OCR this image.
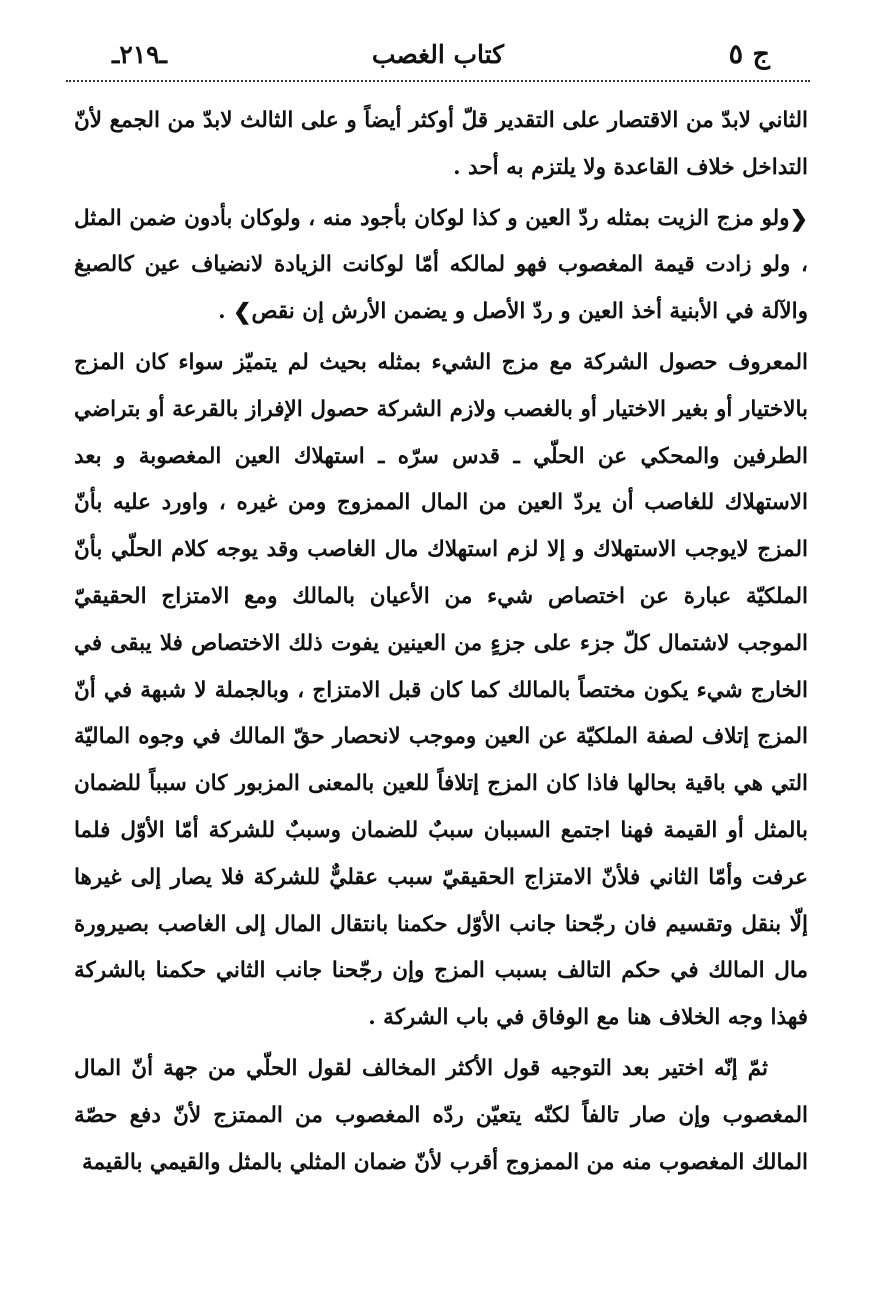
ج ٥
كتاب الغصب
ـ٢١٩ـ

الثاني لابدّ من الاقتصار على التقدير قلّ أوكثر أيضاً و على الثالث لابدّ من الجمع لأنّ التداخل خلاف القاعدة ولا يلتزم به أحد .

❮ولو مزج الزيت بمثله ردّ العين و كذا لوكان بأجود منه ، ولوكان بأدون ضمن المثل ، ولو زادت قيمة المغصوب فهو لمالكه أمّا لوكانت الزيادة لانضياف عين كالصبغ والآلة في الأبنية أخذ العين و ردّ الأصل و يضمن الأرش إن نقص❯ .

المعروف حصول الشركة مع مزج الشيء بمثله بحيث لم يتميّز سواء كان المزج بالاختيار أو بغير الاختيار أو بالغصب ولازم الشركة حصول الإفراز بالقرعة أو بتراضي الطرفين والمحكي عن الحلّي ـ قدس سرّه ـ استهلاك العين المغصوبة و بعد الاستهلاك للغاصب أن يردّ العين من المال الممزوج ومن غيره ، واورد عليه بأنّ المزج لايوجب الاستهلاك و إلا لزم استهلاك مال الغاصب وقد يوجه كلام الحلّي بأنّ الملكيّة عبارة عن اختصاص شيء من الأعيان بالمالك ومع الامتزاج الحقيقيّ الموجب لاشتمال كلّ جزء على جزءٍ من العينين يفوت ذلك الاختصاص فلا يبقى في الخارج شيء يكون مختصاً بالمالك كما كان قبل الامتزاج ، وبالجملة لا شبهة في أنّ المزج إتلاف لصفة الملكيّة عن العين وموجب لانحصار حقّ المالك في وجوه الماليّة التي هي باقية بحالها فاذا كان المزج إتلافاً للعين بالمعنى المزبور كان سبباً للضمان بالمثل أو القيمة فهنا اجتمع السببان سببٌ للضمان وسببٌ للشركة أمّا الأوّل فلما عرفت وأمّا الثاني فلأنّ الامتزاج الحقيقيّ سبب عقليٌّ للشركة فلا يصار إلى غيرها إلّا بنقل وتقسيم فان رجّحنا جانب الأوّل حكمنا بانتقال المال إلى الغاصب بصيرورة مال المالك في حكم التالف بسبب المزج وإن رجّحنا جانب الثاني حكمنا بالشركة فهذا وجه الخلاف هنا مع الوفاق في باب الشركة .

ثمّ إنّه اختير بعد التوجيه قول الأكثر المخالف لقول الحلّي من جهة أنّ المال المغصوب وإن صار تالفاً لكنّه يتعيّن ردّه المغصوب من الممتزج لأنّ دفع حصّة المالك المغصوب منه من الممزوج أقرب لأنّ ضمان المثلي بالمثل والقيمي بالقيمة
